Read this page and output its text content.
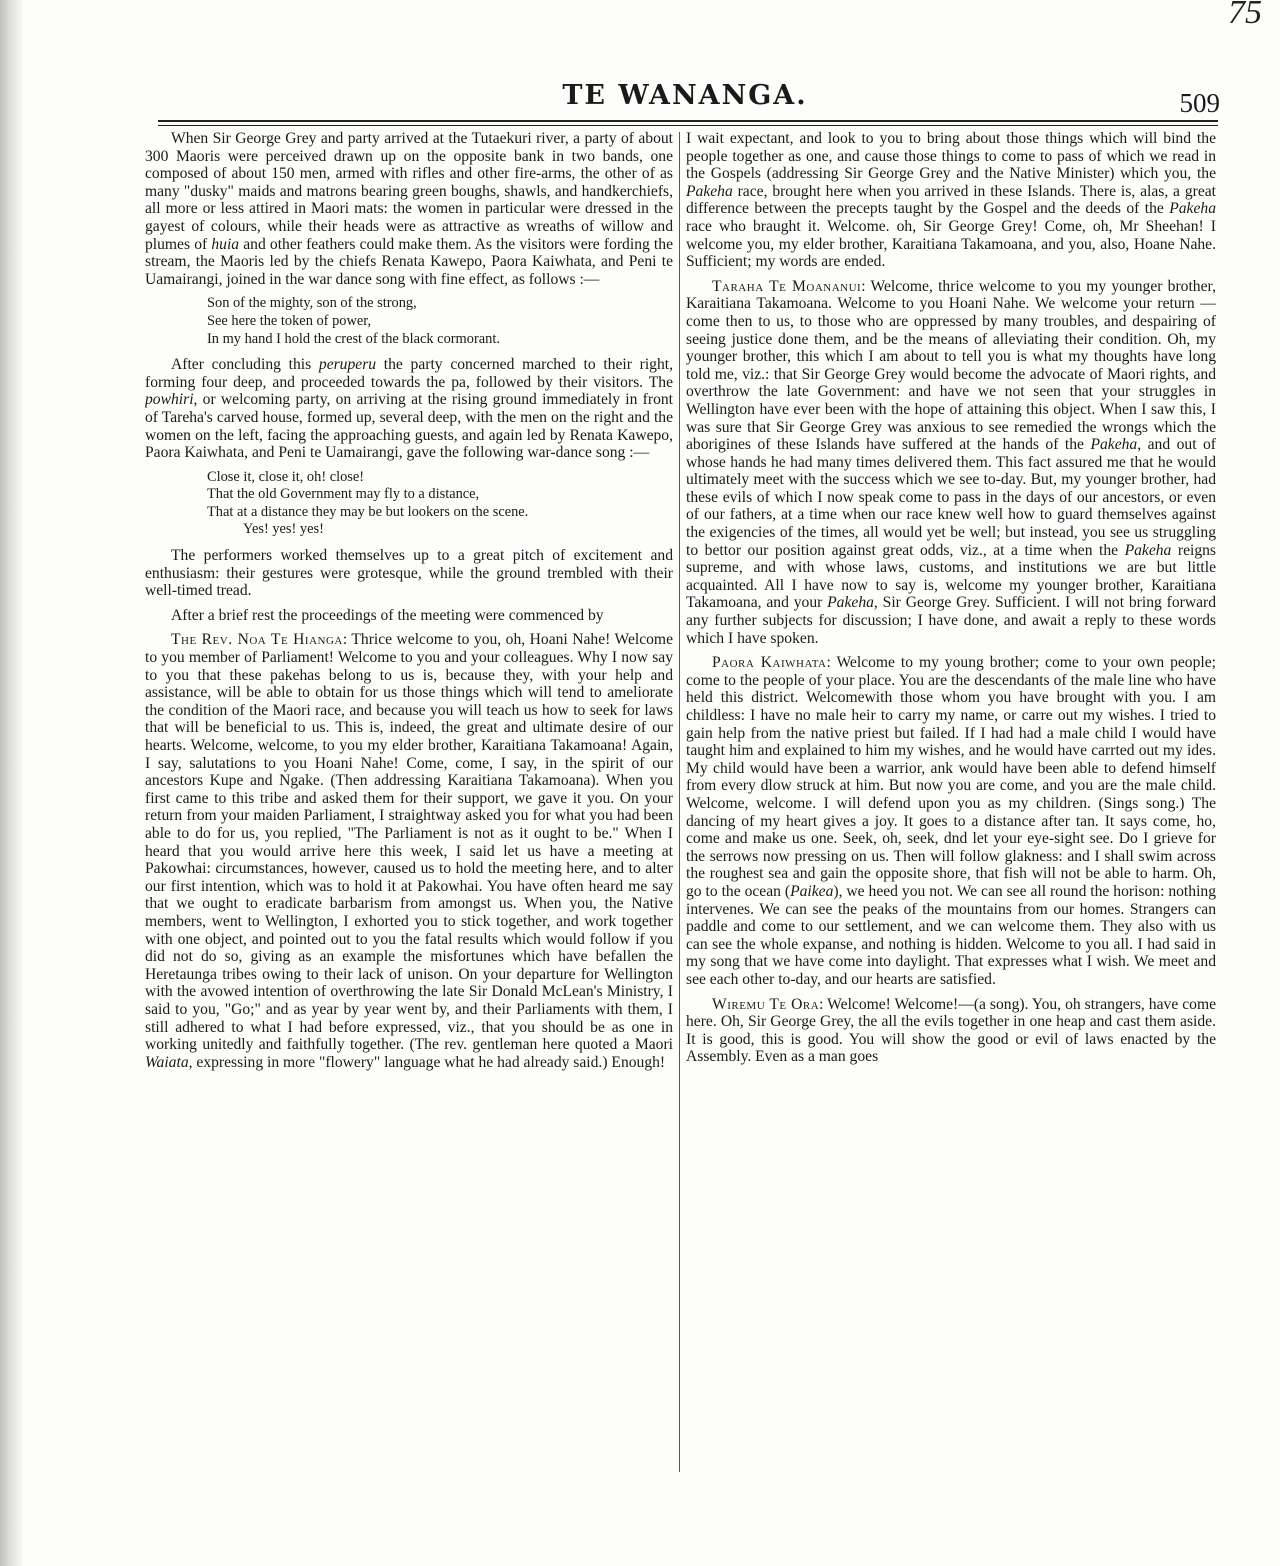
75
TE WANANGA.	509

When Sir George Grey and party arrived at the Tutaekuri river, a party of about 300 Maoris were perceived drawn up on the opposite bank in two bands, one composed of about 150 men, armed with rifles and other fire-arms, the other of as many "dusky" maids and matrons bearing green boughs, shawls, and handkerchiefs, all more or less attired in Maori mats: the women in particular were dressed in the gayest of colours, while their heads were as attractive as wreaths of willow and plumes of huia and other feathers could make them. As the visitors were fording the stream, the Maoris led by the chiefs Renata Kawepo, Paora Kaiwhata, and Peni te Uamairangi, joined in the war dance song with fine effect, as follows :—

Son of the mighty, son of the strong,
See here the token of power,
In my hand I hold the crest of the black cormorant.

After concluding this peruperu the party concerned marched to their right, forming four deep, and proceeded towards the pa, followed by their visitors. The powhiri, or welcoming party, on arriving at the rising ground immediately in front of Tareha's carved house, formed up, several deep, with the men on the right and the women on the left, facing the approaching guests, and again led by Renata Kawepo, Paora Kaiwhata, and Peni te Uamairangi, gave the following war-dance song :—

Close it, close it, oh! close!
That the old Government may fly to a distance,
That at a distance they may be but lookers on the scene.
Yes! yes! yes!

The performers worked themselves up to a great pitch of excitement and enthusiasm: their gestures were grotesque, while the ground trembled with their well-timed tread.

After a brief rest the proceedings of the meeting were commenced by

The Rev. Noa Te Hianga: Thrice welcome to you, oh, Hoani Nahe! Welcome to you member of Parliament! Welcome to you and your colleagues. Why I now say to you that these pakehas belong to us is, because they, with your help and assistance, will be able to obtain for us those things which will tend to ameliorate the condition of the Maori race, and because you will teach us how to seek for laws that will be beneficial to us. This is, indeed, the great and ultimate desire of our hearts. Welcome, welcome, to you my elder brother, Karaitiana Takamoana! Again, I say, salutations to you Hoani Nahe! Come, come, I say, in the spirit of our ancestors Kupe and Ngake. (Then addressing Karaitiana Takamoana). When you first came to this tribe and asked them for their support, we gave it you. On your return from your maiden Parliament, I straightway asked you for what you had been able to do for us, you replied, "The Parliament is not as it ought to be." When I heard that you would arrive here this week, I said let us have a meeting at Pakowhai: circumstances, however, caused us to hold the meeting here, and to alter our first intention, which was to hold it at Pakowhai. You have often heard me say that we ought to eradicate barbarism from amongst us. When you, the Native members, went to Wellington, I exhorted you to stick together, and work together with one object, and pointed out to you the fatal results which would follow if you did not do so, giving as an example the misfortunes which have befallen the Heretaunga tribes owing to their lack of unison. On your departure for Wellington with the avowed intention of overthrowing the late Sir Donald McLean's Ministry, I said to you, "Go;" and as year by year went by, and their Parliaments with them, I still adhered to what I had before expressed, viz., that you should be as one in working unitedly and faithfully together. (The rev. gentleman here quoted a Maori Waiata, expressing in more "flowery" language what he had already said.) Enough!

I wait expectant, and look to you to bring about those things which will bind the people together as one, and cause those things to come to pass of which we read in the Gospels (addressing Sir George Grey and the Native Minister) which you, the Pakeha race, brought here when you arrived in these Islands. There is, alas, a great difference between the precepts taught by the Gospel and the deeds of the Pakeha race who braught it. Welcome. oh, Sir George Grey! Come, oh, Mr Sheehan! I welcome you, my elder brother, Karaitiana Takamoana, and you, also, Hoane Nahe. Sufficient; my words are ended.

Taraha Te Moananui: Welcome, thrice welcome to you my younger brother, Karaitiana Takamoana. Welcome to you Hoani Nahe. We welcome your return —come then to us, to those who are oppressed by many troubles, and despairing of seeing justice done them, and be the means of alleviating their condition. Oh, my younger brother, this which I am about to tell you is what my thoughts have long told me, viz.: that Sir George Grey would become the advocate of Maori rights, and overthrow the late Government: and have we not seen that your struggles in Wellington have ever been with the hope of attaining this object. When I saw this, I was sure that Sir George Grey was anxious to see remedied the wrongs which the aborigines of these Islands have suffered at the hands of the Pakeha, and out of whose hands he had many times delivered them. This fact assured me that he would ultimately meet with the success which we see to-day. But, my younger brother, had these evils of which I now speak come to pass in the days of our ancestors, or even of our fathers, at a time when our race knew well how to guard themselves against the exigencies of the times, all would yet be well; but instead, you see us struggling to bettor our position against great odds, viz., at a time when the Pakeha reigns supreme, and with whose laws, customs, and institutions we are but little acquainted. All I have now to say is, welcome my younger brother, Karaitiana Takamoana, and your Pakeha, Sir George Grey. Sufficient. I will not bring forward any further subjects for discussion; I have done, and await a reply to these words which I have spoken.

Paora Kaiwhata: Welcome to my young brother; come to your own people; come to the people of your place. You are the descendants of the male line who have held this district. Welcomewith those whom you have brought with you. I am childless: I have no male heir to carry my name, or carre out my wishes. I tried to gain help from the native priest but failed. If I had had a male child I would have taught him and explained to him my wishes, and he would have carrted out my ides. My child would have been a warrior, ank would have been able to defend himself from every dlow struck at him. But now you are come, and you are the male child. Welcome, welcome. I will defend upon you as my children. (Sings song.) The dancing of my heart gives a joy. It goes to a distance after tan. It says come, ho, come and make us one. Seek, oh, seek, dnd let your eye-sight see. Do I grieve for the serrows now pressing on us. Then will follow glakness: and I shall swim across the roughest sea and gain the opposite shore, that fish will not be able to harm. Oh, go to the ocean (Paikea), we heed you not. We can see all round the horison: nothing intervenes. We can see the peaks of the mountains from our homes. Strangers can paddle and come to our settlement, and we can welcome them. They also with us can see the whole expanse, and nothing is hidden. Welcome to you all. I had said in my song that we have come into daylight. That expresses what I wish. We meet and see each other to-day, and our hearts are satisfied.

Wiremu Te Ora: Welcome! Welcome!—(a song). You, oh strangers, have come here. Oh, Sir George Grey, the all the evils together in one heap and cast them aside. It is good, this is good. You will show the good or evil of laws enacted by the Assembly. Even as a man goes
